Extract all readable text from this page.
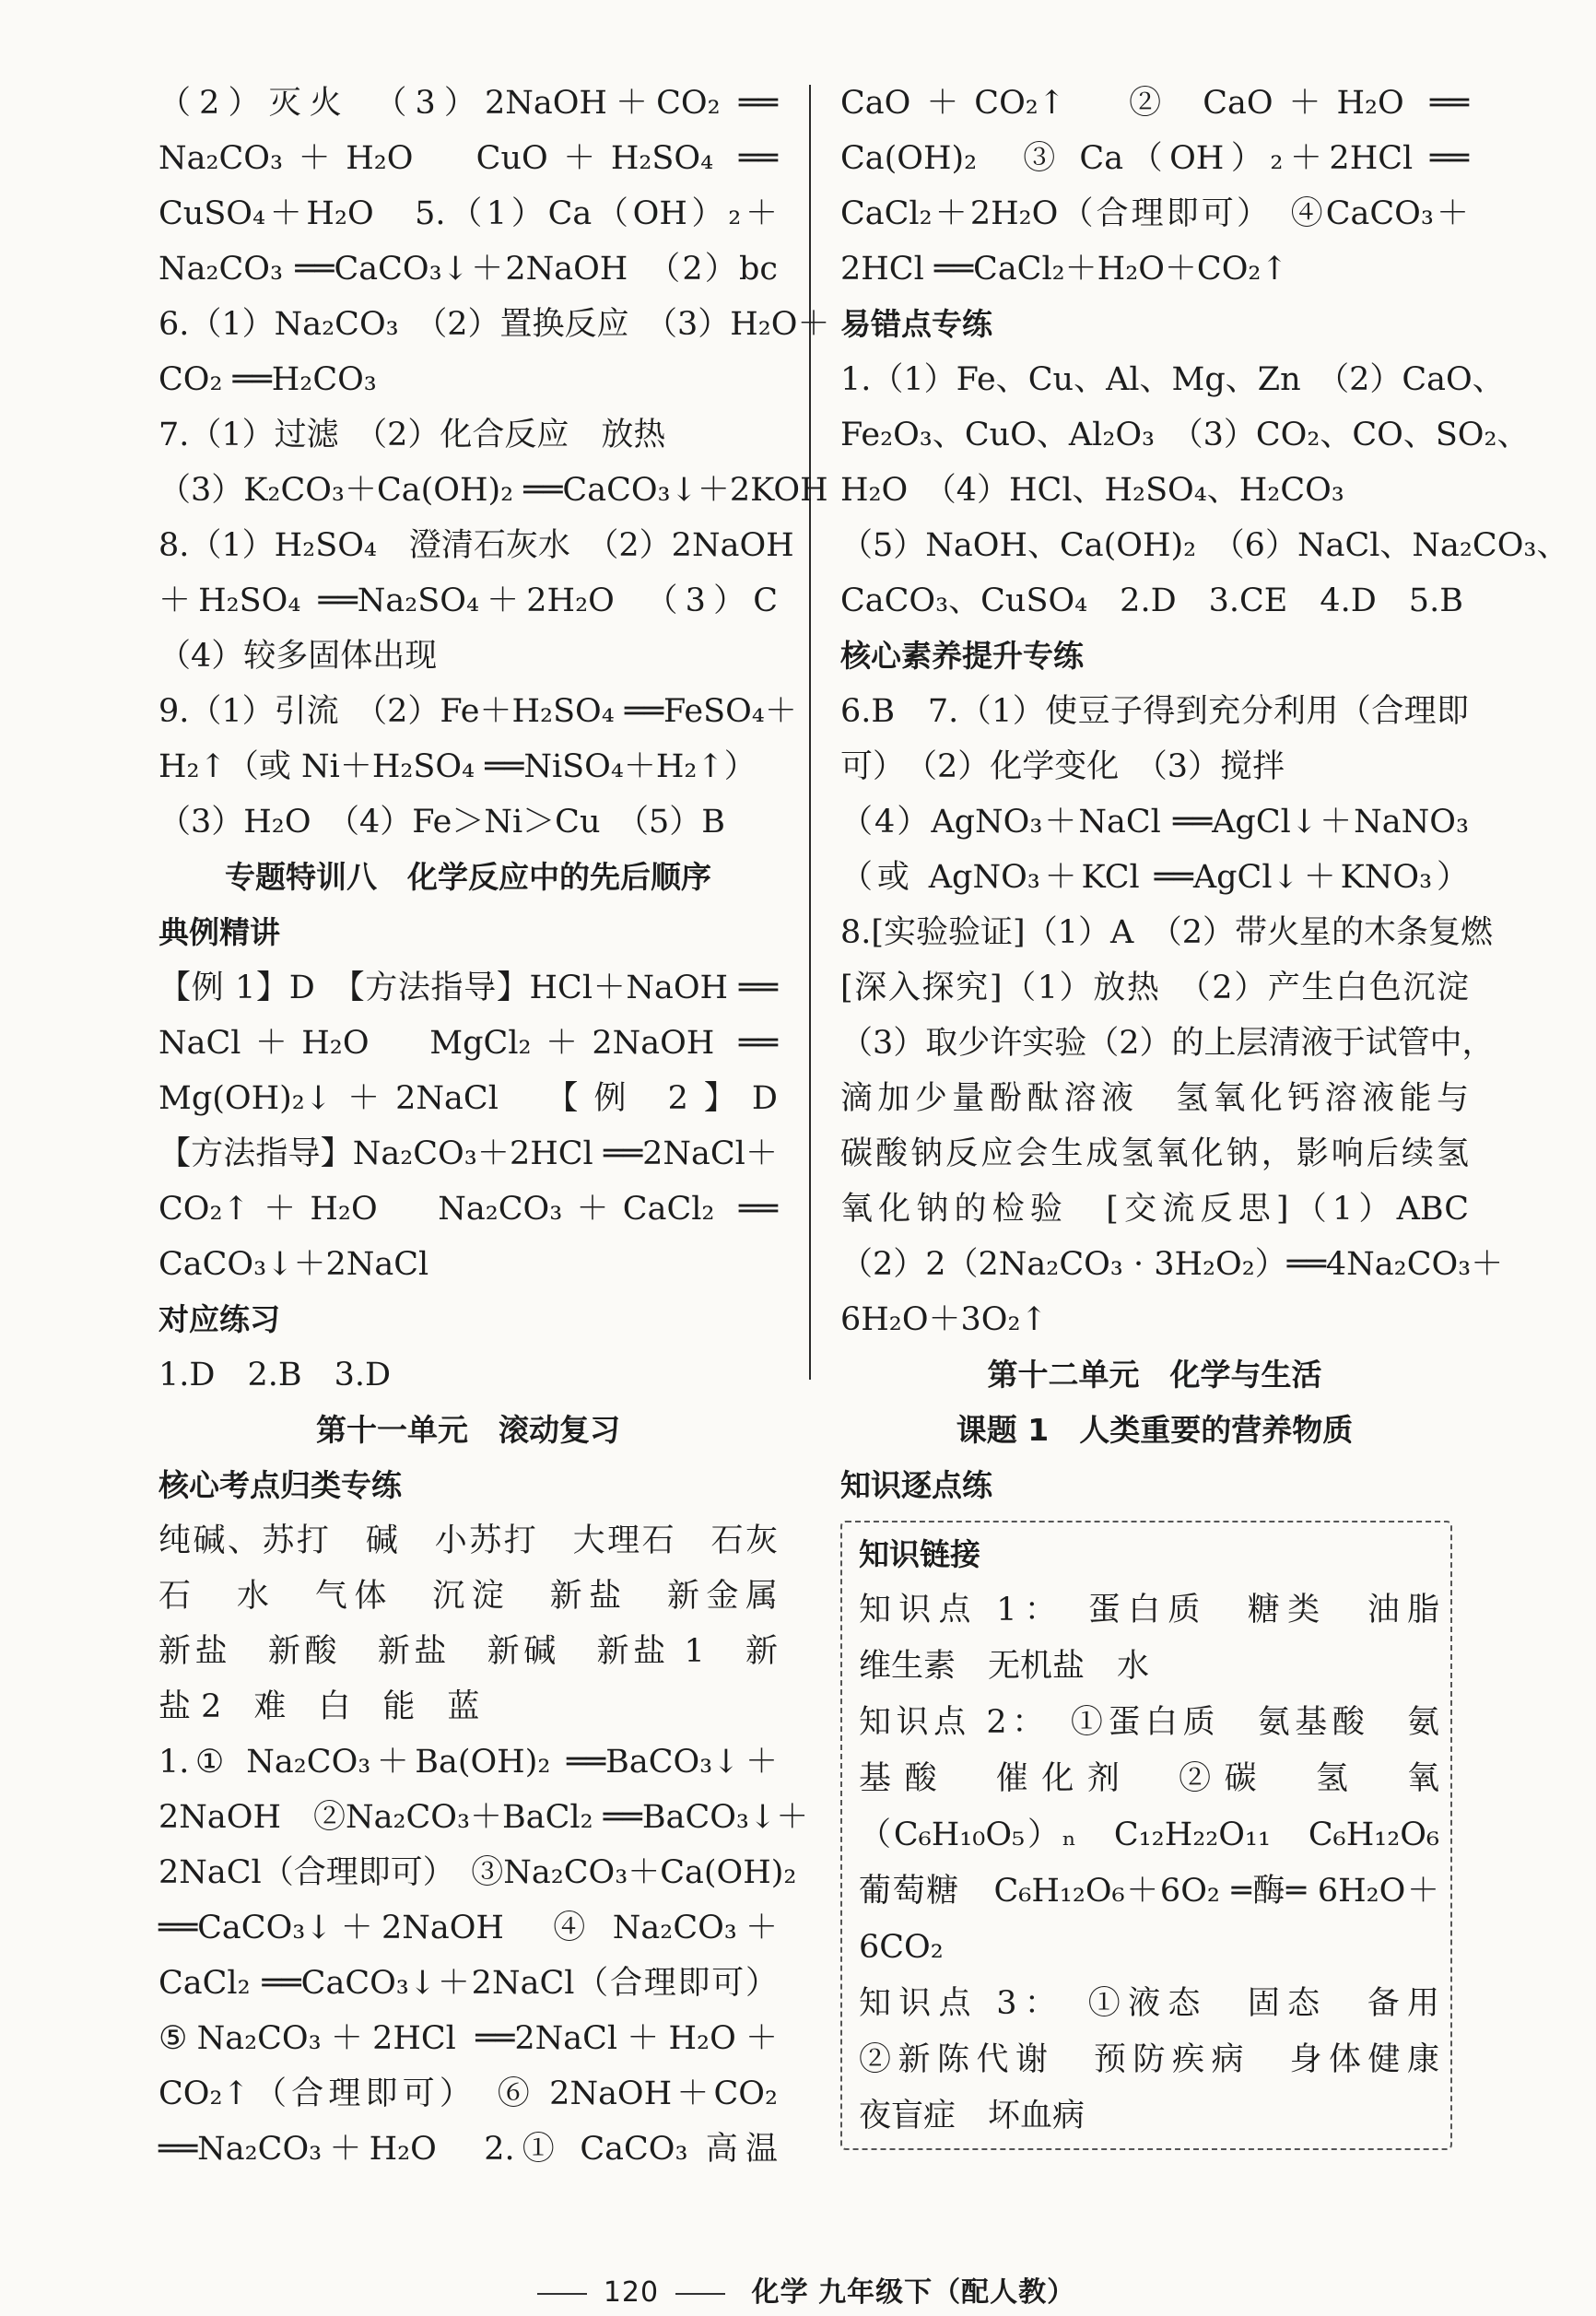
（2）灭火　（3）2NaOH＋CO₂ ══
Na₂CO₃＋H₂O　CuO＋H₂SO₄ ══
CuSO₄＋H₂O　5.（1）Ca（OH）₂＋
Na₂CO₃ ══CaCO₃↓＋2NaOH　（2）bc
6.（1）Na₂CO₃　（2）置换反应　（3）H₂O＋
CO₂ ══H₂CO₃
7.（1）过滤　（2）化合反应　放热
（3）K₂CO₃＋Ca(OH)₂ ══CaCO₃↓＋2KOH
8.（1）H₂SO₄　澄清石灰水　（2）2NaOH
＋H₂SO₄ ══Na₂SO₄＋2H₂O　（3）C
（4）较多固体出现
9.（1）引流　（2）Fe＋H₂SO₄ ══FeSO₄＋
H₂↑（或 Ni＋H₂SO₄ ══NiSO₄＋H₂↑）
（3）H₂O　（4）Fe＞Ni＞Cu　（5）B
专题特训八　化学反应中的先后顺序
典例精讲
【例 1】D　【方法指导】HCl＋NaOH ══
NaCl＋H₂O　MgCl₂＋2NaOH ══
Mg(OH)₂↓＋2NaCl　【例 2】D
【方法指导】Na₂CO₃＋2HCl ══2NaCl＋
CO₂↑＋H₂O　Na₂CO₃＋CaCl₂ ══
CaCO₃↓＋2NaCl
对应练习
1.D　2.B　3.D
第十一单元　滚动复习
核心考点归类专练
纯碱、苏打　碱　小苏打　大理石　石灰
石　水　气体　沉淀　新盐　新金属
新盐　新酸　新盐　新碱　新盐 1　新
盐 2　难　白　能　蓝
1.① Na₂CO₃＋Ba(OH)₂ ══BaCO₃↓＋
2NaOH　②Na₂CO₃＋BaCl₂ ══BaCO₃↓＋
2NaCl（合理即可）　③Na₂CO₃＋Ca(OH)₂
══CaCO₃↓＋2NaOH　④ Na₂CO₃＋
CaCl₂ ══CaCO₃↓＋2NaCl（合理即可）
⑤Na₂CO₃＋2HCl ══2NaCl＋H₂O＋
CO₂↑（合理即可）　⑥ 2NaOH＋CO₂
══Na₂CO₃＋H₂O　2.① CaCO₃ 高温
CaO＋CO₂↑　② CaO＋H₂O ══
Ca(OH)₂　③ Ca（OH）₂＋2HCl ══
CaCl₂＋2H₂O（合理即可）　④CaCO₃＋
2HCl ══CaCl₂＋H₂O＋CO₂↑
易错点专练
1.（1）Fe、Cu、Al、Mg、Zn　（2）CaO、
Fe₂O₃、CuO、Al₂O₃　（3）CO₂、CO、SO₂、
H₂O　（4）HCl、H₂SO₄、H₂CO₃
（5）NaOH、Ca(OH)₂　（6）NaCl、Na₂CO₃、
CaCO₃、CuSO₄　2.D　3.CE　4.D　5.B
核心素养提升专练
6.B　7.（1）使豆子得到充分利用（合理即
可）　（2）化学变化　（3）搅拌
（4）AgNO₃＋NaCl ══AgCl↓＋NaNO₃
（或 AgNO₃＋KCl ══AgCl↓＋KNO₃）
8.[实验验证]（1）A　（2）带火星的木条复燃
[深入探究]（1）放热　（2）产生白色沉淀
（3）取少许实验（2）的上层清液于试管中，
滴加少量酚酞溶液　氢氧化钙溶液能与
碳酸钠反应会生成氢氧化钠，影响后续氢
氧化钠的检验　[交流反思]（1）ABC
（2）2（2Na₂CO₃ · 3H₂O₂）══4Na₂CO₃＋
6H₂O＋3O₂↑
第十二单元　化学与生活
课题 1　人类重要的营养物质
知识逐点练
知识链接
知识点 1：　蛋白质　糖类　油脂
维生素　无机盐　水
知识点 2：　①蛋白质　氨基酸　氨
基酸　催化剂　②碳　氢　氧
（C₆H₁₀O₅）ₙ　C₁₂H₂₂O₁₁　C₆H₁₂O₆
葡萄糖　C₆H₁₂O₆＋6O₂ ═酶═ 6H₂O＋
6CO₂
知识点 3：　①液态　固态　备用
②新陈代谢　预防疾病　身体健康
夜盲症　坏血病
120	化学 九年级下（配人教）
